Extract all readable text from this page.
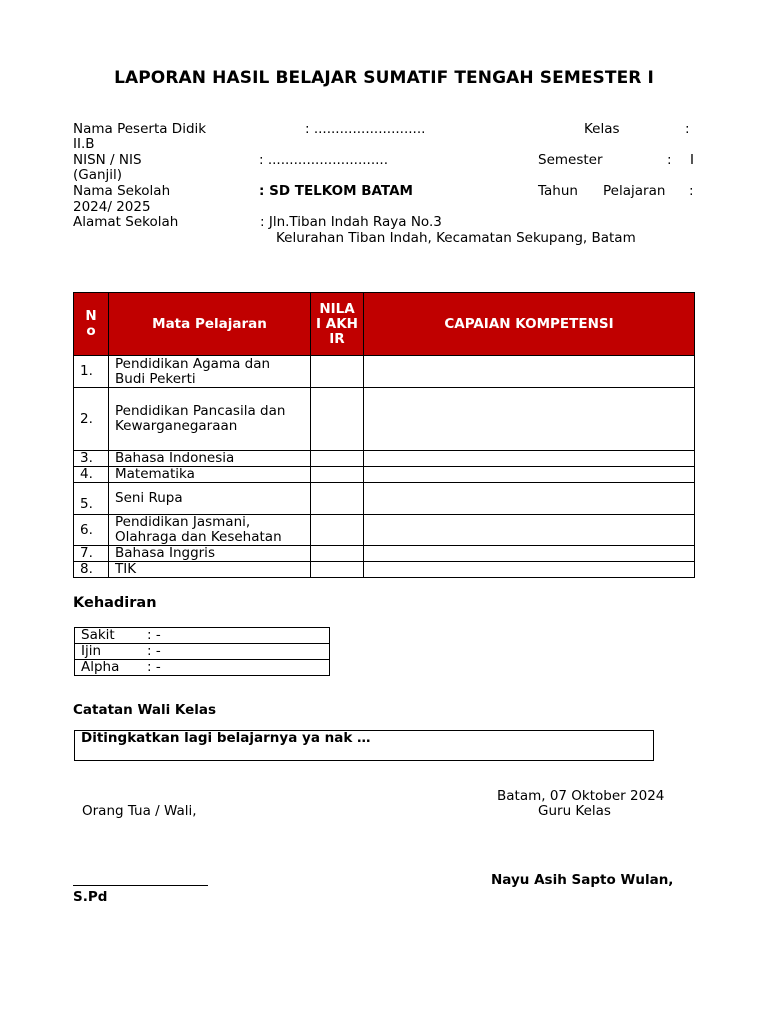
LAPORAN HASIL BELAJAR SUMATIF TENGAH SEMESTER I
Nama Peserta Didik	: ..........................	Kelas	:
II.B
NISN / NIS	: ............................	Semester	: I
(Ganjil)
Nama Sekolah	: SD TELKOM BATAM	Tahun Pelajaran :
2024/ 2025
Alamat Sekolah	: Jln.Tiban Indah Raya No.3
Kelurahan Tiban Indah, Kecamatan Sekupang, Batam
N o	Mata Pelajaran	NILA I AKH IR	CAPAIAN KOMPETENSI
1.	Pendidikan Agama dan Budi Pekerti		
2.	Pendidikan Pancasila dan Kewarganegaraan		
3.	Bahasa Indonesia		
4.	Matematika		
5.	Seni Rupa		
6.	Pendidikan Jasmani, Olahraga dan Kesehatan		
7.	Bahasa Inggris		
8.	TIK		
Kehadiran
Sakit : -
Ijin	: -
Alpha : -
Catatan Wali Kelas
Ditingkatkan lagi belajarnya ya nak …
Batam, 07 Oktober 2024
Orang Tua / Wali,	Guru Kelas
Nayu Asih Sapto Wulan,
S.Pd
